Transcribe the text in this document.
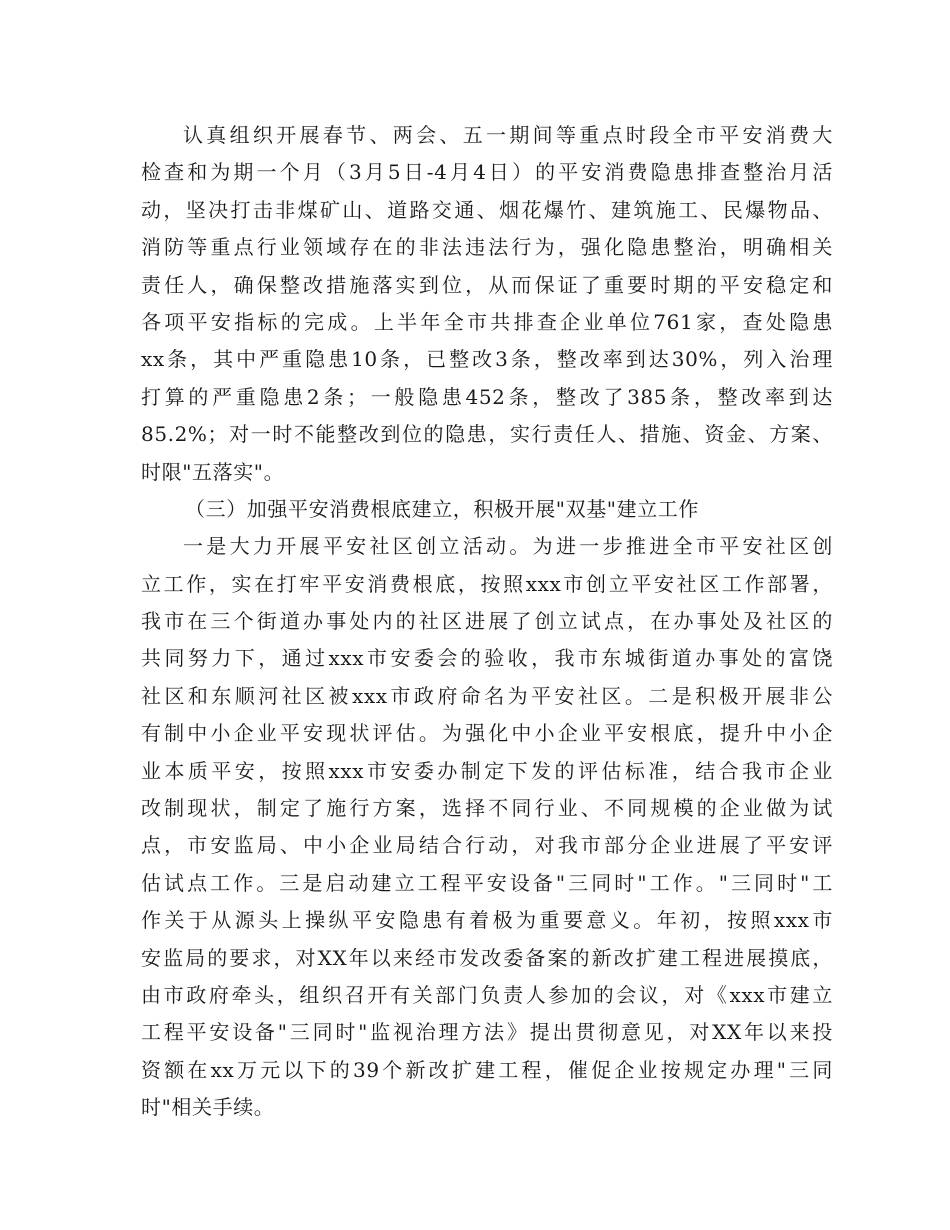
认真组织开展春节、两会、五一期间等重点时段全市平安消费大
检查和为期一个月（3月5日-4月4日）的平安消费隐患排查整治月活
动，坚决打击非煤矿山、道路交通、烟花爆竹、建筑施工、民爆物品、
消防等重点行业领域存在的非法违法行为，强化隐患整治，明确相关
责任人，确保整改措施落实到位，从而保证了重要时期的平安稳定和
各项平安指标的完成。上半年全市共排查企业单位761家，查处隐患
xx条，其中严重隐患10条，已整改3条，整改率到达30%，列入治理
打算的严重隐患2条；一般隐患452条，整改了385条，整改率到达
85.2%；对一时不能整改到位的隐患，实行责任人、措施、资金、方案、
时限"五落实"。
（三）加强平安消费根底建立，积极开展"双基"建立工作
一是大力开展平安社区创立活动。为进一步推进全市平安社区创
立工作，实在打牢平安消费根底，按照xxx市创立平安社区工作部署，
我市在三个街道办事处内的社区进展了创立试点，在办事处及社区的
共同努力下，通过xxx市安委会的验收，我市东城街道办事处的富饶
社区和东顺河社区被xxx市政府命名为平安社区。二是积极开展非公
有制中小企业平安现状评估。为强化中小企业平安根底，提升中小企
业本质平安，按照xxx市安委办制定下发的评估标准，结合我市企业
改制现状，制定了施行方案，选择不同行业、不同规模的企业做为试
点，市安监局、中小企业局结合行动，对我市部分企业进展了平安评
估试点工作。三是启动建立工程平安设备"三同时"工作。"三同时"工
作关于从源头上操纵平安隐患有着极为重要意义。年初，按照xxx市
安监局的要求，对XX年以来经市发改委备案的新改扩建工程进展摸底，
由市政府牵头，组织召开有关部门负责人参加的会议，对《xxx市建立
工程平安设备"三同时"监视治理方法》提出贯彻意见，对XX年以来投
资额在xx万元以下的39个新改扩建工程，催促企业按规定办理"三同
时"相关手续。
